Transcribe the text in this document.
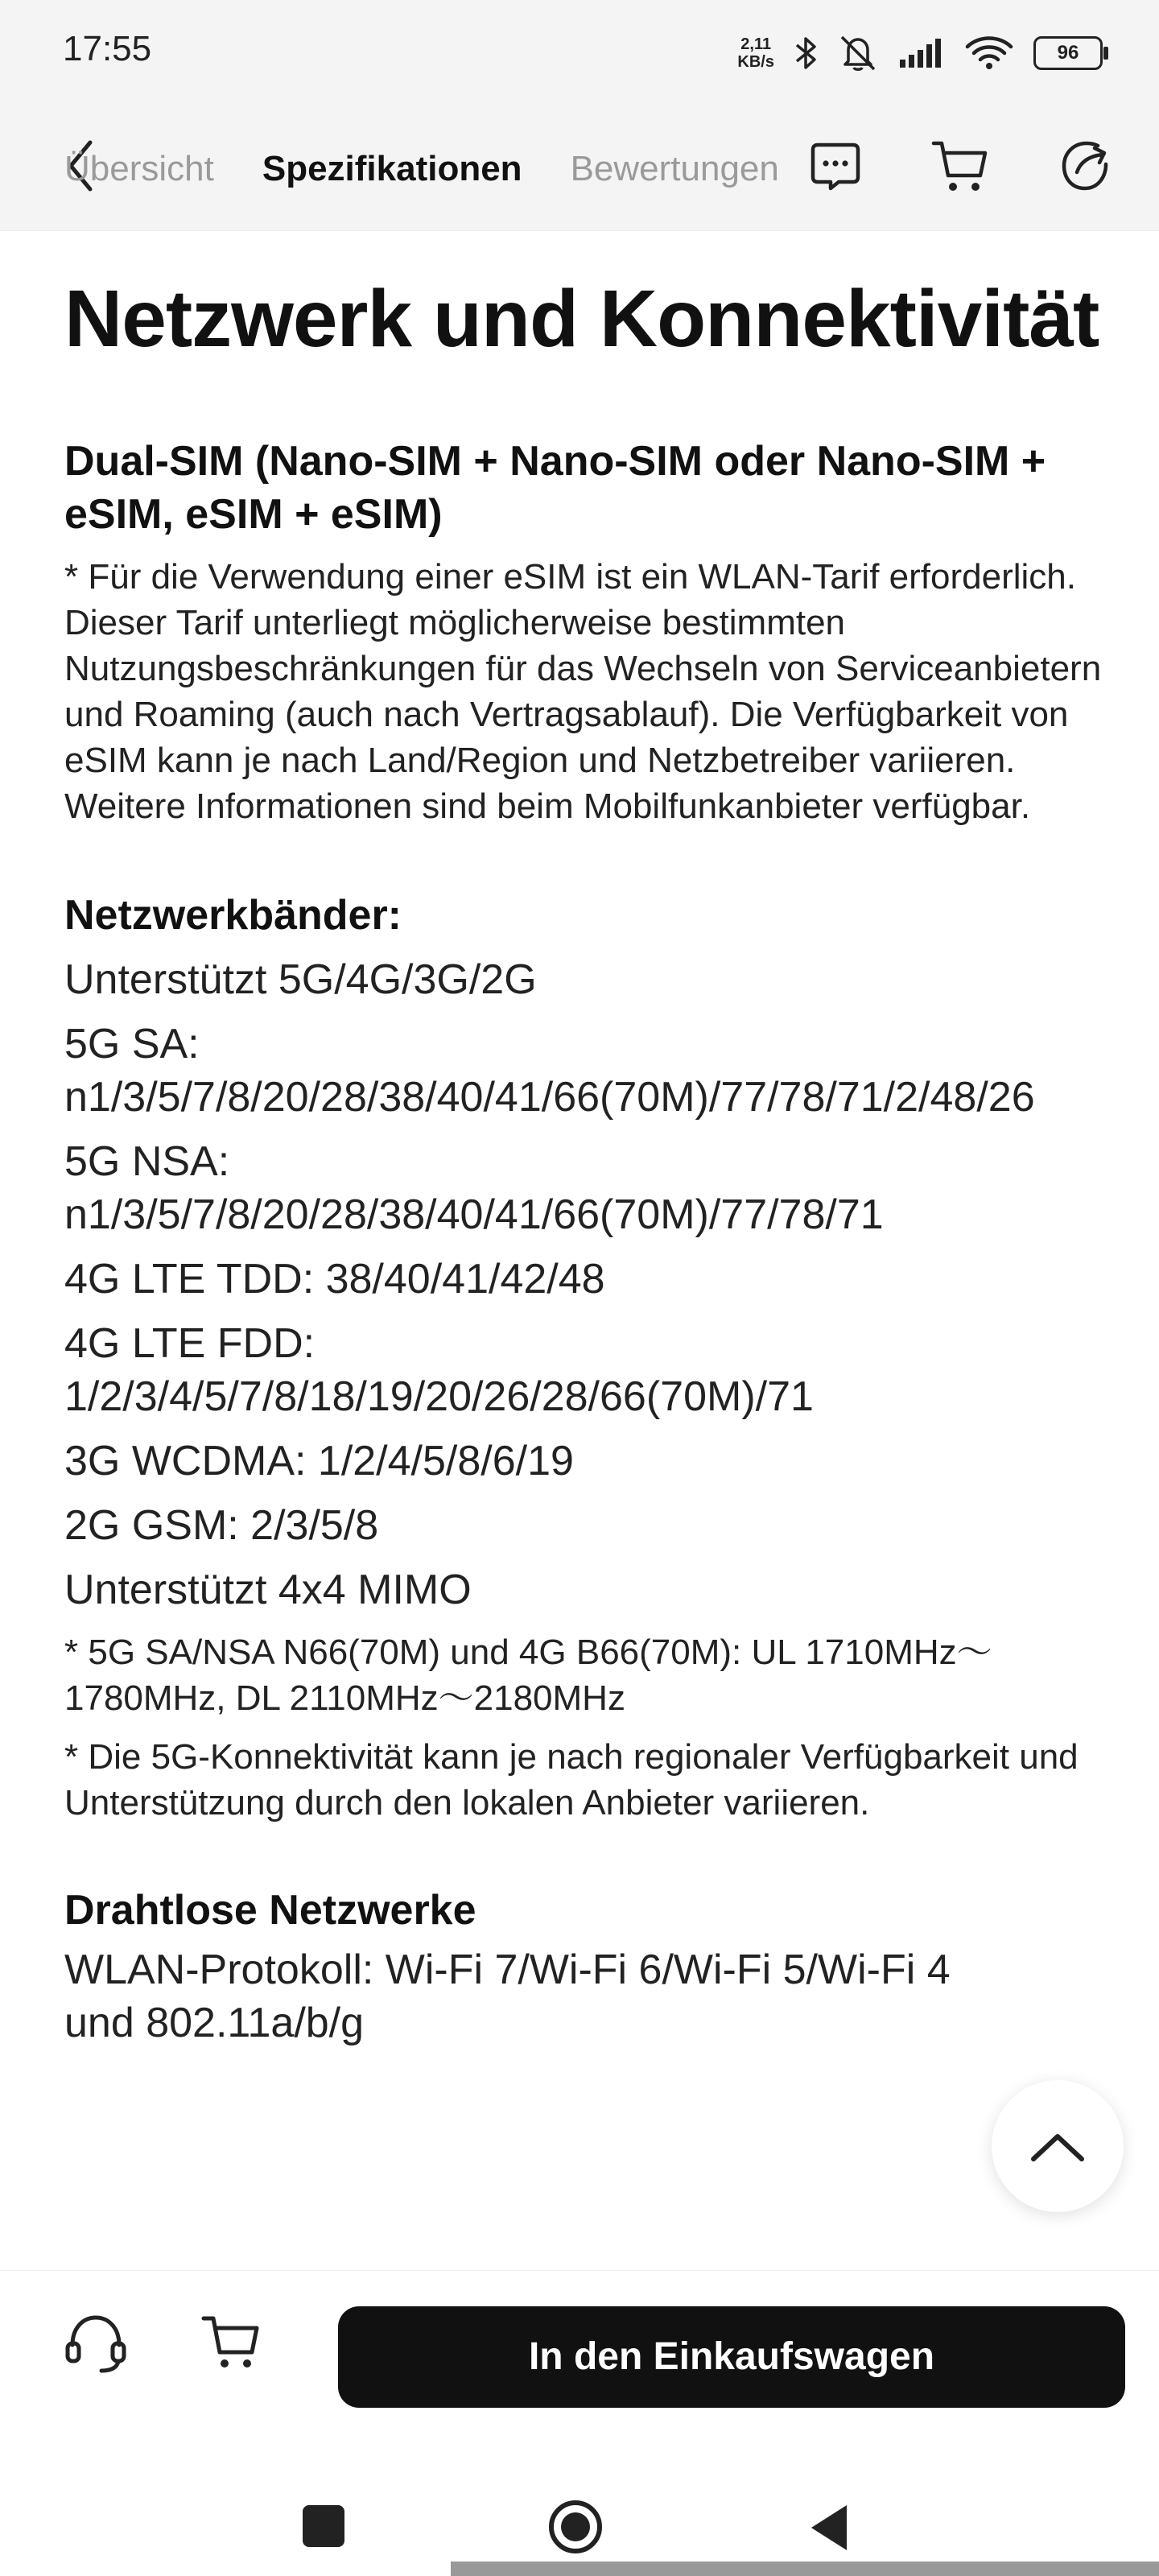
17:55	2,11
KB/s	96
Übersicht Spezifikationen Bewertungen
Netzwerk und Konnektivität
Dual-SIM (Nano-SIM + Nano-SIM oder Nano-SIM + eSIM, eSIM + eSIM)
* Für die Verwendung einer eSIM ist ein WLAN-Tarif erforderlich. Dieser Tarif unterliegt möglicherweise bestimmten Nutzungsbeschränkungen für das Wechseln von Serviceanbietern und Roaming (auch nach Vertragsablauf). Die Verfügbarkeit von eSIM kann je nach Land/Region und Netzbetreiber variieren. Weitere Informationen sind beim Mobilfunkanbieter verfügbar.
Netzwerkbänder:
Unterstützt 5G/4G/3G/2G
5G SA:
n1/3/5/7/8/20/28/38/40/41/66(70M)/77/78/71/2/48/26
5G NSA:
n1/3/5/7/8/20/28/38/40/41/66(70M)/77/78/71
4G LTE TDD: 38/40/41/42/48
4G LTE FDD:
1/2/3/4/5/7/8/18/19/20/26/28/66(70M)/71
3G WCDMA: 1/2/4/5/8/6/19
2G GSM: 2/3/5/8
Unterstützt 4x4 MIMO
* 5G SA/NSA N66(70M) und 4G B66(70M): UL 1710MHz～1780MHz, DL 2110MHz～2180MHz
* Die 5G-Konnektivität kann je nach regionaler Verfügbarkeit und Unterstützung durch den lokalen Anbieter variieren.
Drahtlose Netzwerke
WLAN-Protokoll: Wi-Fi 7/Wi-Fi 6/Wi-Fi 5/Wi-Fi 4 und 802.11a/b/g
In den Einkaufswagen
